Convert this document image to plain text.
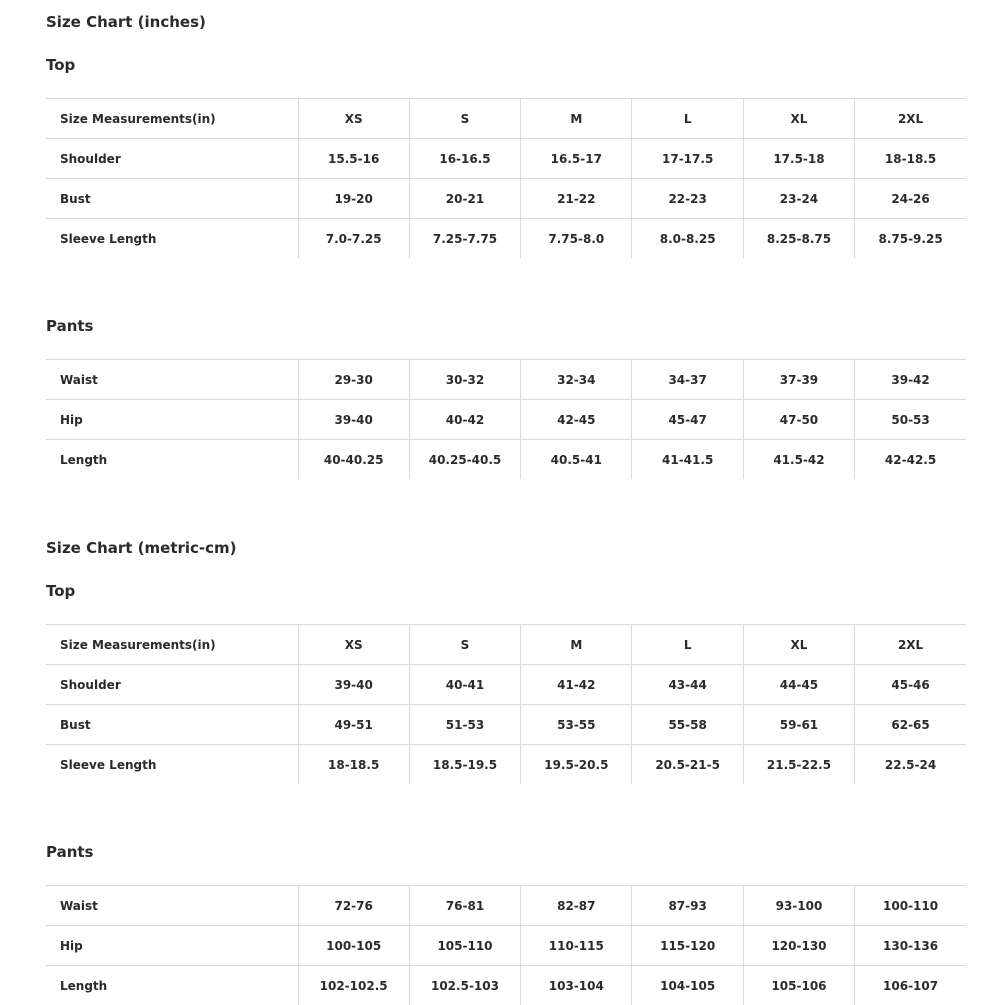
Size Chart (inches)
Top
Size Measurements(in)	XS	S	M	L	XL	2XL
Shoulder	15.5-16	16-16.5	16.5-17	17-17.5	17.5-18	18-18.5
Bust	19-20	20-21	21-22	22-23	23-24	24-26
Sleeve Length	7.0-7.25	7.25-7.75	7.75-8.0	8.0-8.25	8.25-8.75	8.75-9.25
Pants
Waist	29-30	30-32	32-34	34-37	37-39	39-42
Hip	39-40	40-42	42-45	45-47	47-50	50-53
Length	40-40.25	40.25-40.5	40.5-41	41-41.5	41.5-42	42-42.5
Size Chart (metric-cm)
Top
Size Measurements(in)	XS	S	M	L	XL	2XL
Shoulder	39-40	40-41	41-42	43-44	44-45	45-46
Bust	49-51	51-53	53-55	55-58	59-61	62-65
Sleeve Length	18-18.5	18.5-19.5	19.5-20.5	20.5-21-5	21.5-22.5	22.5-24
Pants
Waist	72-76	76-81	82-87	87-93	93-100	100-110
Hip	100-105	105-110	110-115	115-120	120-130	130-136
Length	102-102.5	102.5-103	103-104	104-105	105-106	106-107
